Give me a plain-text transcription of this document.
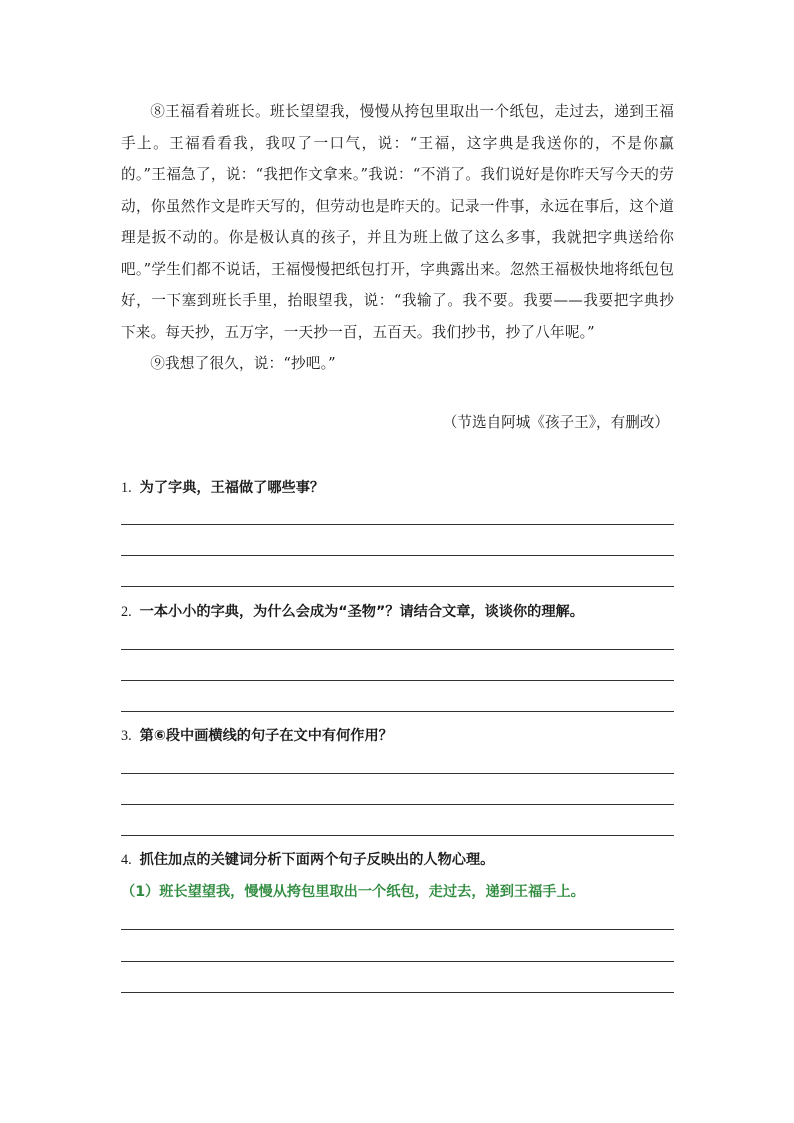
⑧王福看着班长。班长望望我，慢慢从挎包里取出一个纸包，走过去，递到王福手上。王福看看我，我叹了一口气，说：“王福，这字典是我送你的，不是你赢的。”王福急了，说：“我把作文拿来。”我说：“不消了。我们说好是你昨天写今天的劳动，你虽然作文是昨天写的，但劳动也是昨天的。记录一件事，永远在事后，这个道理是扳不动的。你是极认真的孩子，并且为班上做了这么多事，我就把字典送给你吧。”学生们都不说话，王福慢慢把纸包打开，字典露出来。忽然王福极快地将纸包包好，一下塞到班长手里，抬眼望我，说：“我输了。我不要。我要——我要把字典抄下来。每天抄，五万字，一天抄一百，五百天。我们抄书，抄了八年呢。”

⑨我想了很久，说：“抄吧。”

（节选自阿城《孩子王》，有删改）
1. 为了字典，王福做了哪些事？
2. 一本小小的字典，为什么会成为“圣物”？请结合文章，谈谈你的理解。
3. 第⑥段中画横线的句子在文中有何作用？
4. 抓住加点的关键词分析下面两个句子反映出的人物心理。
（1）班长望望我，慢慢从挎包里取出一个纸包，走过去，递到王福手上。
